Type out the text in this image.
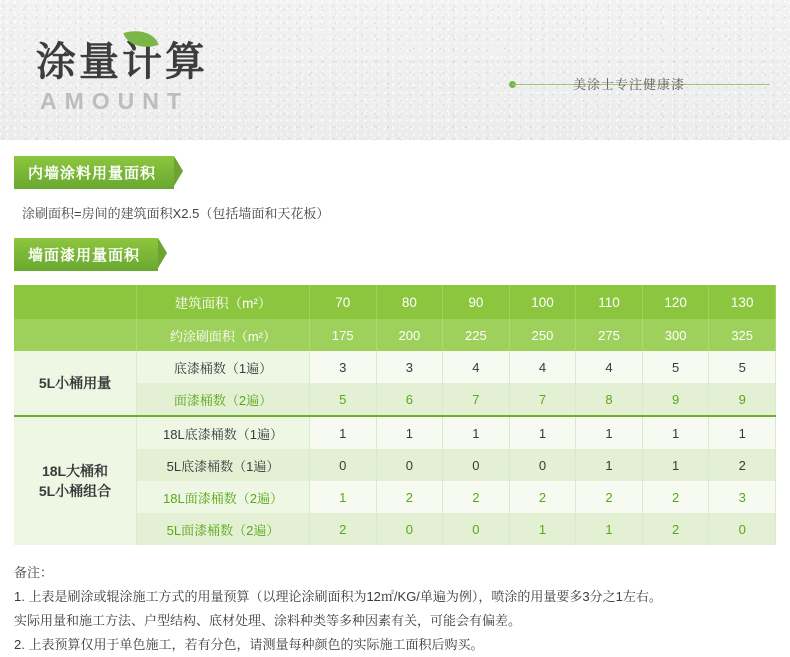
涂量计算
AMOUNT
美涂士专注健康漆
内墙涂料用量面积
涂刷面积=房间的建筑面积X2.5（包括墙面和天花板）
墙面漆用量面积
	建筑面积（m²）	70	80	90	100	110	120	130
	约涂刷面积（m²）	175	200	225	250	275	300	325
5L小桶用量	底漆桶数（1遍）	3	3	4	4	4	5	5
	面漆桶数（2遍）	5	6	7	7	8	9	9

18L大桶和
5L小桶组合	18L底漆桶数（1遍）	1	1	1	1	1	1	1
	5L底漆桶数（1遍）	0	0	0	0	1	1	2
	18L面漆桶数（2遍）	1	2	2	2	2	2	3
	5L面漆桶数（2遍）	2	0	0	1	1	2	0
备注：
1. 上表是刷涂或辊涂施工方式的用量预算（以理论涂刷面积为12㎡/KG/单遍为例），喷涂的用量要多3分之1左右。
实际用量和施工方法、户型结构、底材处理、涂料种类等多种因素有关，可能会有偏差。
2. 上表预算仅用于单色施工，若有分色，请测量每种颜色的实际施工面积后购买。
